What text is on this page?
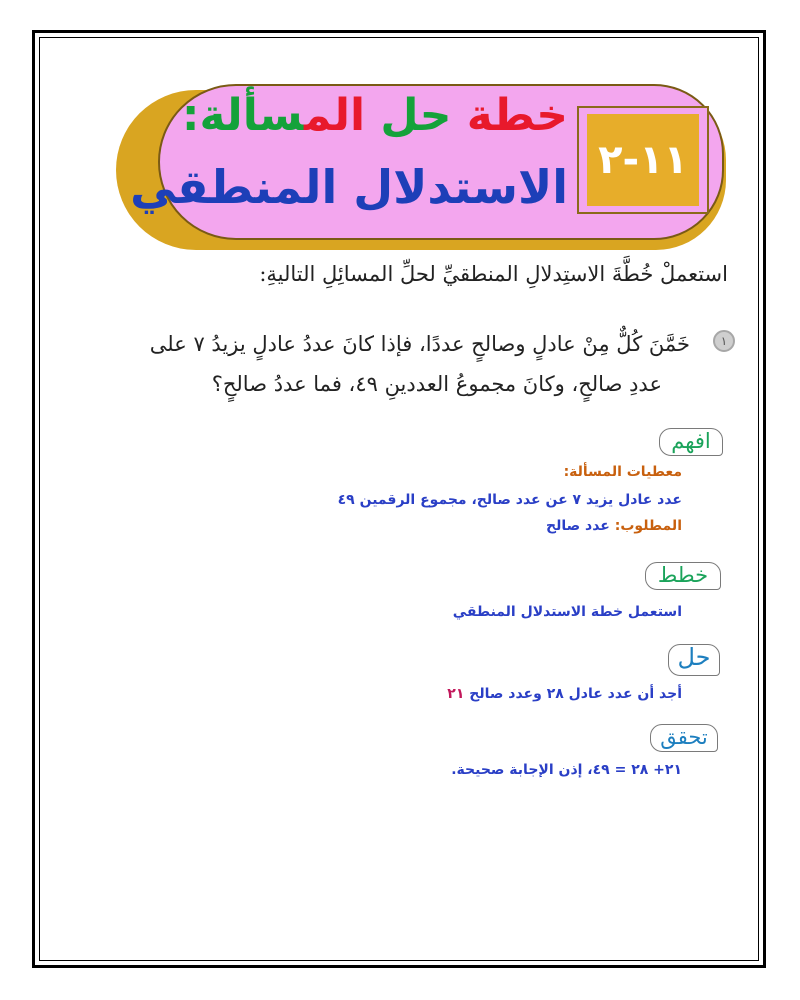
خطة حل المسألة:
الاستدلال المنطقي ١١-٢
استعملْ خُطَّةَ الاستِدلالِ المنطقيِّ لحلِّ المسائِلِ التاليةِ:
١

خَمَّنَ كُلٌّ مِنْ عادلٍ وصالحٍ عددًا، فإذا كانَ عددُ عادلٍ يزيدُ ٧ على

عددِ صالحٍ، وكانَ مجموعُ العددينِ ٤٩، فما عددُ صالحٍ؟

افهم
معطيات المسألة:
عدد عادل يزيد ٧ عن عدد صالح، مجموع الرقمين ٤٩
المطلوب: عدد صالح
خطط
استعمل خطة الاستدلال المنطقي
حل
أجد أن عدد عادل ٢٨ وعدد صالح ٢١
تحقق
٢١+ ٢٨ = ٤٩، إذن الإجابة صحيحة.
